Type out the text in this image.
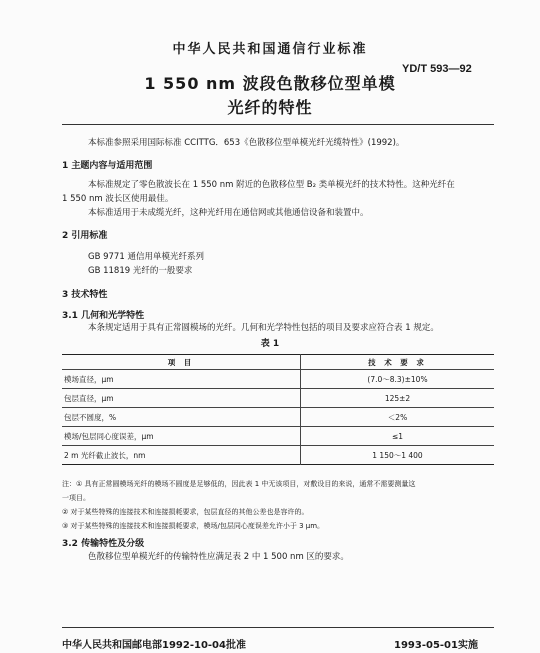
中华人民共和国通信行业标准
YD/T 593—92
1 550 nm 波段色散移位型单模
光纤的特性
本标准参照采用国际标准 CCITTG．653《色散移位型单模光纤光缆特性》(1992)。
1 主题内容与适用范围
本标准规定了零色散波长在 1 550 nm 附近的色散移位型 B₂ 类单模光纤的技术特性。这种光纤在
1 550 nm 波长区使用最佳。
本标准适用于未成缆光纤，这种光纤用在通信网或其他通信设备和装置中。
2 引用标准
GB 9771 通信用单模光纤系列
GB 11819 光纤的一般要求
3 技术特性
3.1 几何和光学特性
本条规定适用于具有正常圆模场的光纤。几何和光学特性包括的项目及要求应符合表 1 规定。
表 1
项 目	技 术 要 求
模场直径，μm	(7.0～8.3)±10%
包层直径，μm	125±2
包层不圆度，%	＜2%
模场/包层同心度误差，μm	≤1
2 m 光纤截止波长，nm	1 150～1 400
注：① 具有正常圆模场光纤的模场不圆度是足够低的，因此表 1 中无该项目，对敷设目的来说，通常不需要测量这
一项目。
② 对于某些特殊的连接技术和连接损耗要求，包层直径的其他公差也是容许的。
③ 对于某些特殊的连接技术和连接损耗要求，模场/包层同心度误差允许小于 3 μm。
3.2 传输特性及分级
色散移位型单模光纤的传输特性应满足表 2 中 1 500 nm 区的要求。
中华人民共和国邮电部1992-10-04批准	1993-05-01实施
